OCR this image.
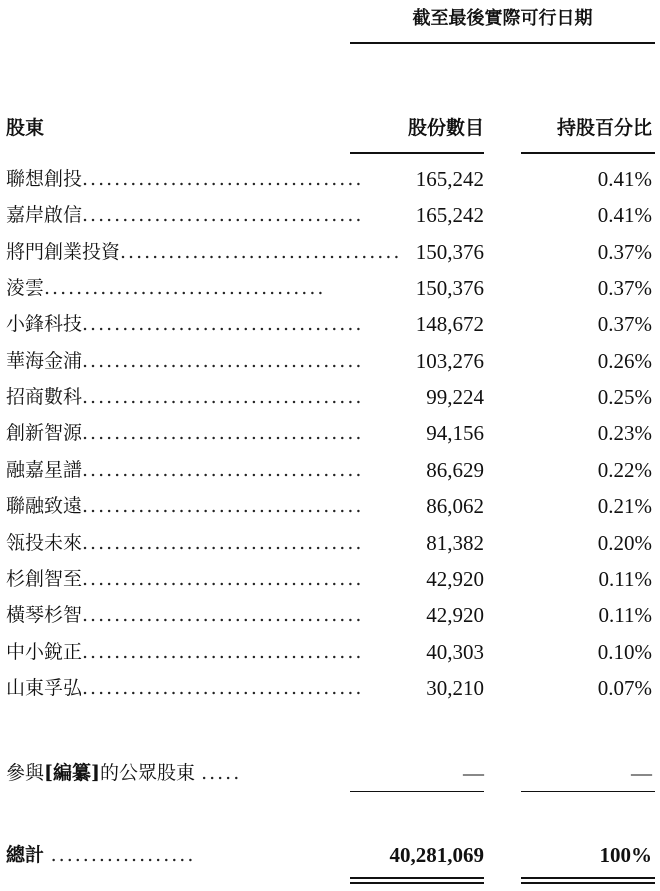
截至最後實際可行日期
股東	股份數目	持股百分比
聯想創投................................... 165,242	0.41%
嘉岸啟信................................... 165,242	0.41%
將門創業投資................................... 150,376	0.37%
淩雲...................................	150,376	0.37%
小鋒科技................................... 148,672	0.37%
華海金浦................................... 103,276	0.26%
招商數科...................................	99,224	0.25%
創新智源...................................	94,156	0.23%
融嘉星譜...................................	86,629	0.22%
聯融致遠...................................	86,062	0.21%
瓴投未來...................................	81,382	0.20%
杉創智至...................................	42,920	0.11%
橫琴杉智...................................	42,920	0.11%
中小銳正...................................	40,303	0.10%
山東孚弘...................................	30,210	0.07%
參與[編纂]的公眾股東 .....	—	—
總計 ..................	40,281,069	100%
